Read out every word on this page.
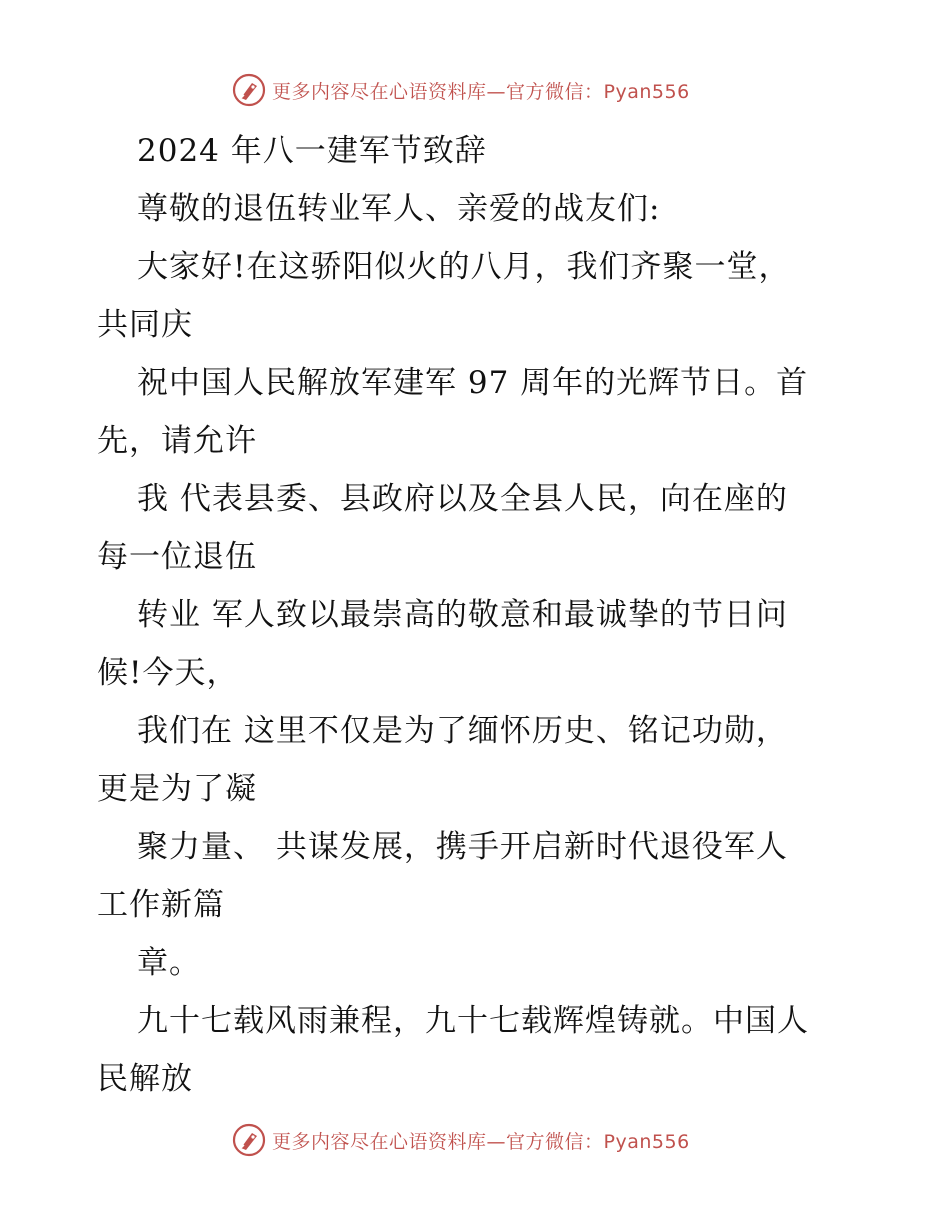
更多内容尽在心语资料库—官方微信：Pyan556
2024 年八一建军节致辞
尊敬的退伍转业军人、亲爱的战友们:
大家好!在这骄阳似火的八月，我们齐聚一堂，
共同庆
祝中国人民解放军建军 97 周年的光辉节日。首
先，请允许
我 代表县委、县政府以及全县人民，向在座的
每一位退伍
转业 军人致以最崇高的敬意和最诚挚的节日问
候!今天，
我们在 这里不仅是为了缅怀历史、铭记功勋，
更是为了凝
聚力量、 共谋发展，携手开启新时代退役军人
工作新篇
章。
九十七载风雨兼程，九十七载辉煌铸就。中国人
民解放
更多内容尽在心语资料库—官方微信：Pyan556
